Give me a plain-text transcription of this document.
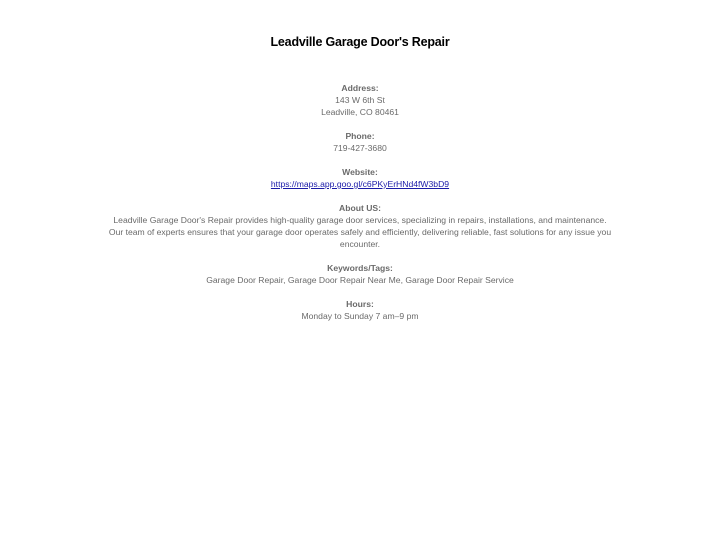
Leadville Garage Door's Repair
Address:
143 W 6th St
Leadville, CO 80461
Phone:
719-427-3680
Website:
https://maps.app.goo.gl/c6PKyErHNd4fW3bD9
About US:
Leadville Garage Door's Repair provides high-quality garage door services, specializing in repairs, installations, and maintenance. Our team of experts ensures that your garage door operates safely and efficiently, delivering reliable, fast solutions for any issue you encounter.
Keywords/Tags:
Garage Door Repair, Garage Door Repair Near Me, Garage Door Repair Service
Hours:
Monday to Sunday 7 am–9 pm
